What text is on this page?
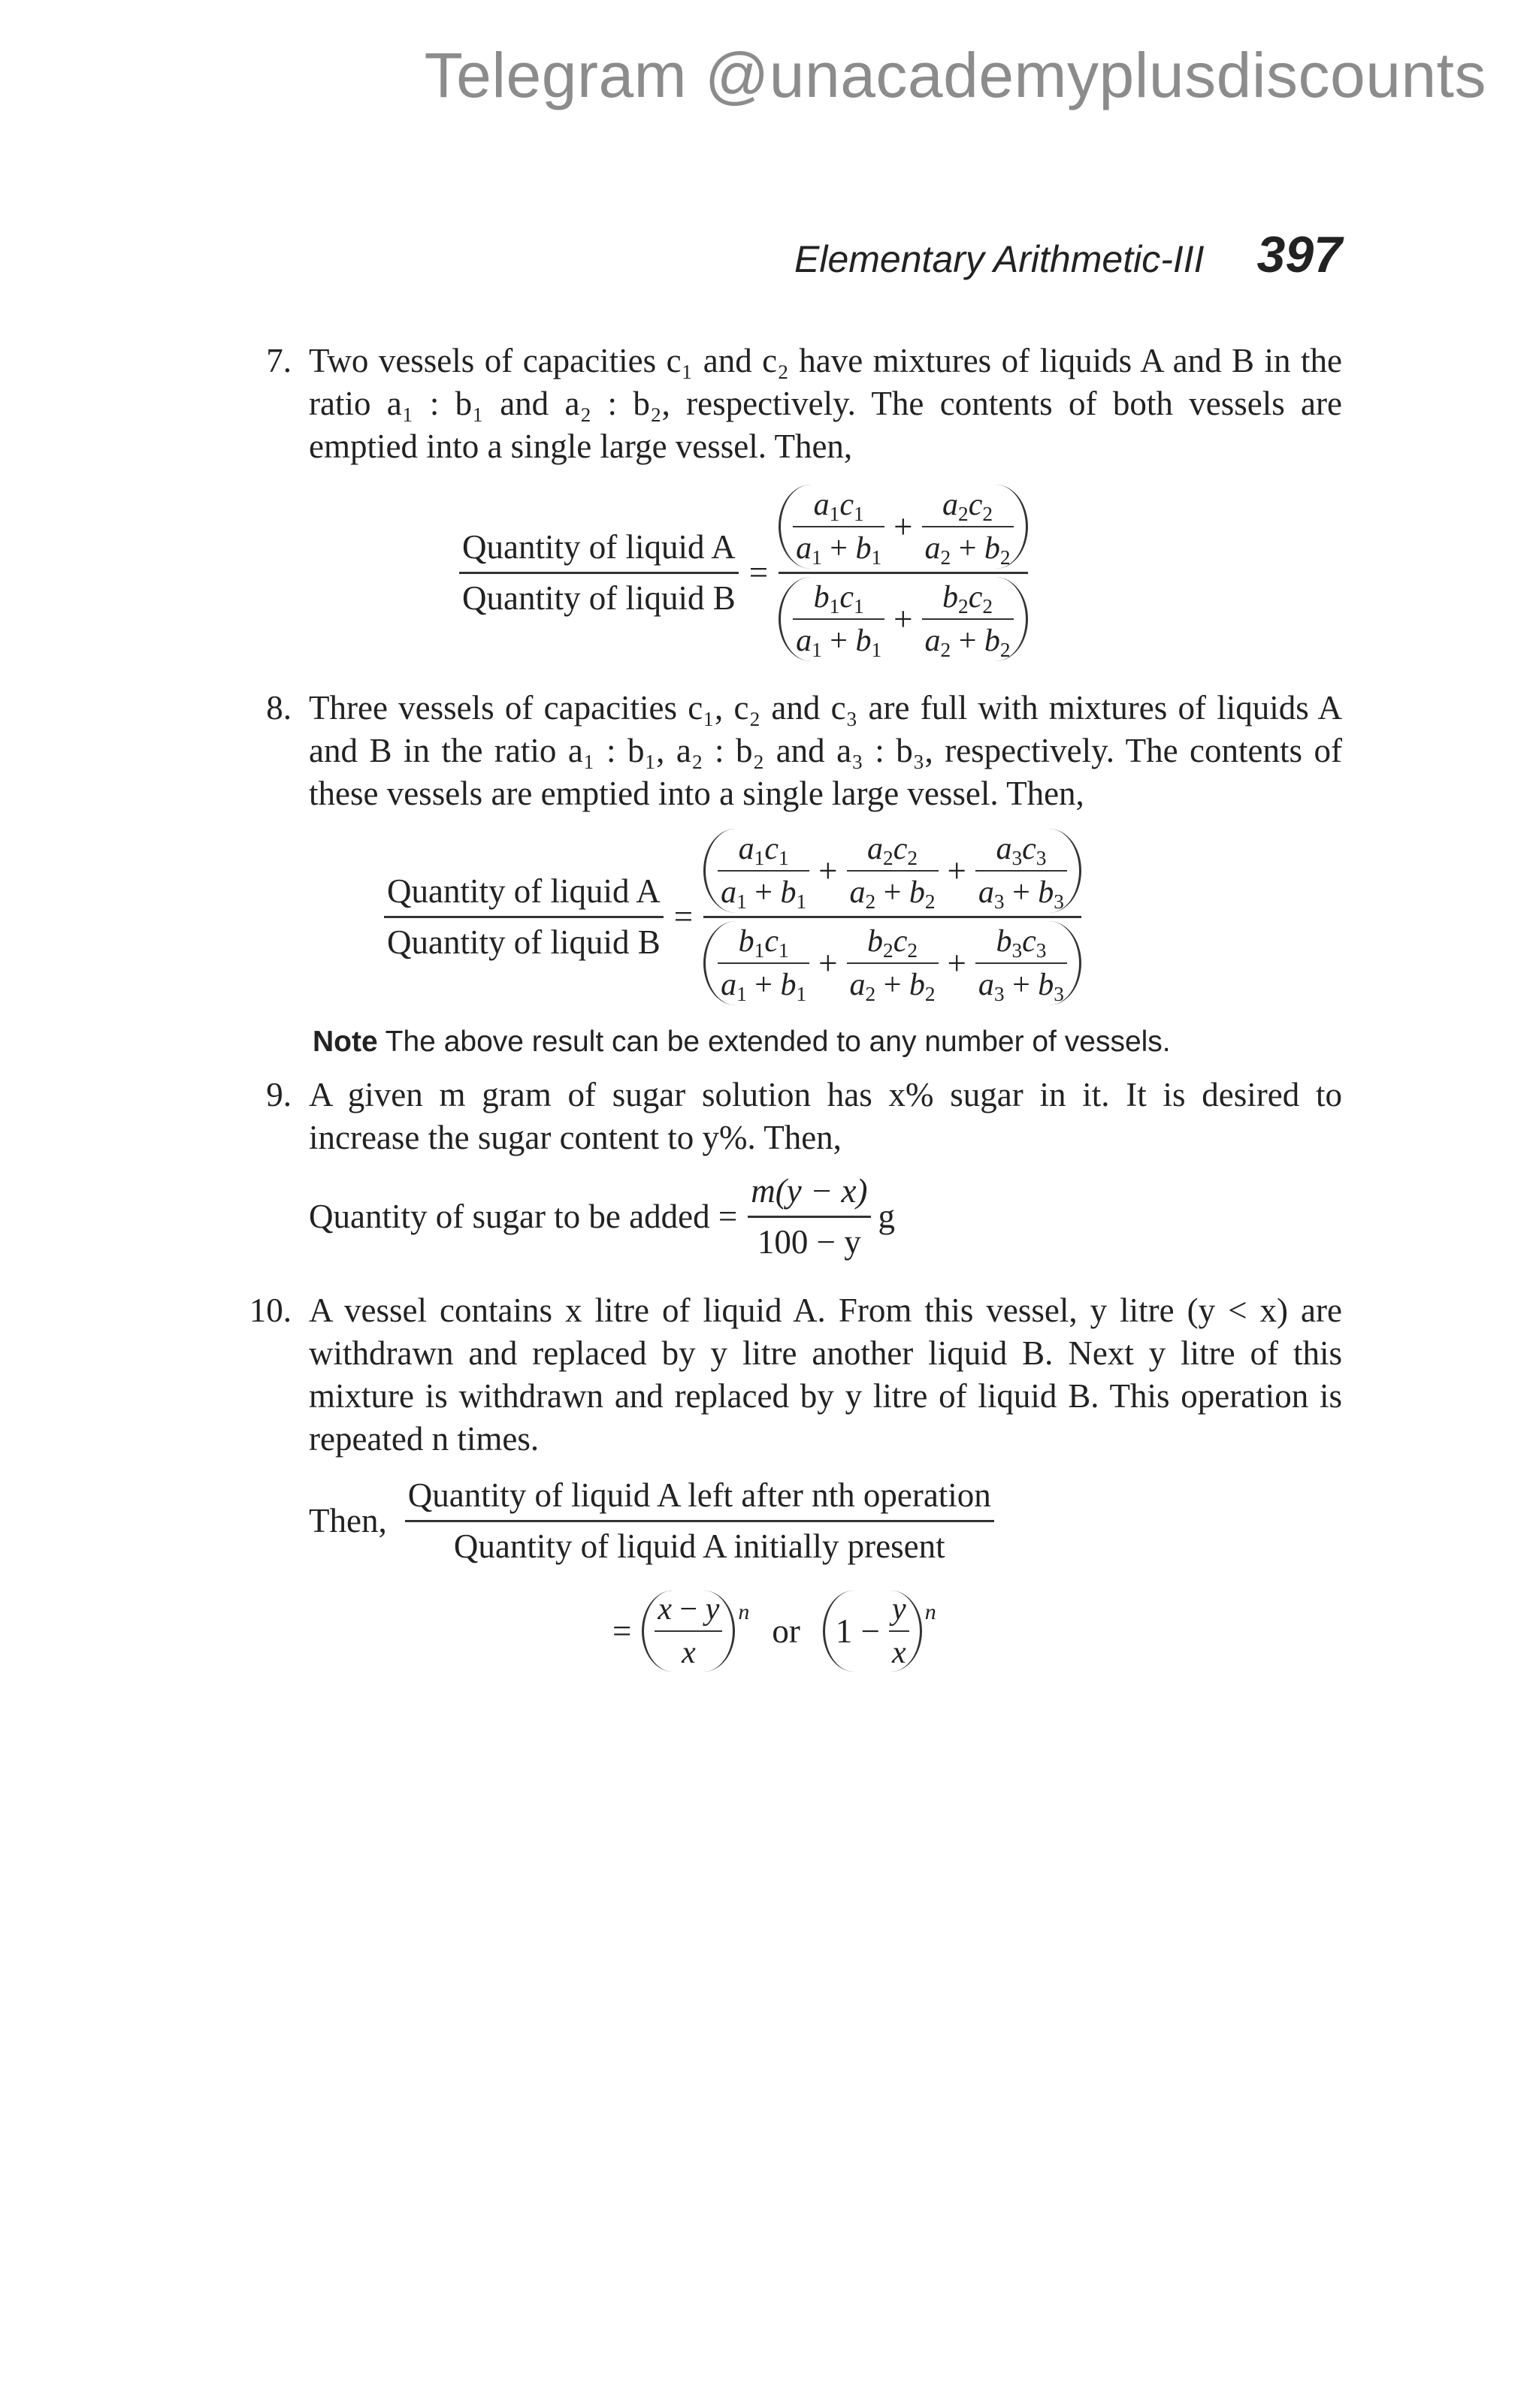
Telegram @unacademyplusdiscounts
Elementary Arithmetic-III 397
7. Two vessels of capacities c₁ and c₂ have mixtures of liquids A and B in the ratio a₁ : b₁ and a₂ : b₂, respectively. The contents of both vessels are emptied into a single large vessel. Then,
$\frac{\text{Quantity of liquid A}}{\text{Quantity of liquid B}} = \frac{\frac{a_1c_1}{a_1 + b_1} + \frac{a_2c_2}{a_2 + b_2}}{\frac{b_1c_1}{a_1 + b_1} + \frac{b_2c_2}{a_2 + b_2}}$
8. Three vessels of capacities c₁, c₂ and c₃ are full with mixtures of liquids A and B in the ratio a₁ : b₁, a₂ : b₂ and a₃ : b₃, respectively. The contents of these vessels are emptied into a single large vessel. Then,
$\frac{\text{Quantity of liquid A}}{\text{Quantity of liquid B}}$ =
$\frac{a_1c_1}{a_1 + b_1} + \frac{a_2c_2}{a_2 + b_2} + \frac{a_3c_3}{a_3 + b_3}$
$\frac{b_1c_1}{a_1 + b_1} + \frac{b_2c_2}{a_2 + b_2} + \frac{b_3c_3}{a_3 + b_3}$
Note The above result can be extended to any number of vessels.
9. A given m gram of sugar solution has x% sugar in it. It is desired to increase the sugar content to y%. Then,
Quantity of sugar to be added = $\frac{m(y - x)}{100 - y}$ g
10. A vessel contains x litre of liquid A. From this vessel, y litre (y < x) are withdrawn and replaced by y litre another liquid B. Next y litre of this mixture is withdrawn and replaced by y litre of liquid B. This operation is repeated n times.
Then, $\frac{\text{Quantity of liquid A left after nth operation}}{\text{Quantity of liquid A initially present}}$
= $\frac{x - y}{x} ^n$ or $1 - \frac{y}{x} ^n$
